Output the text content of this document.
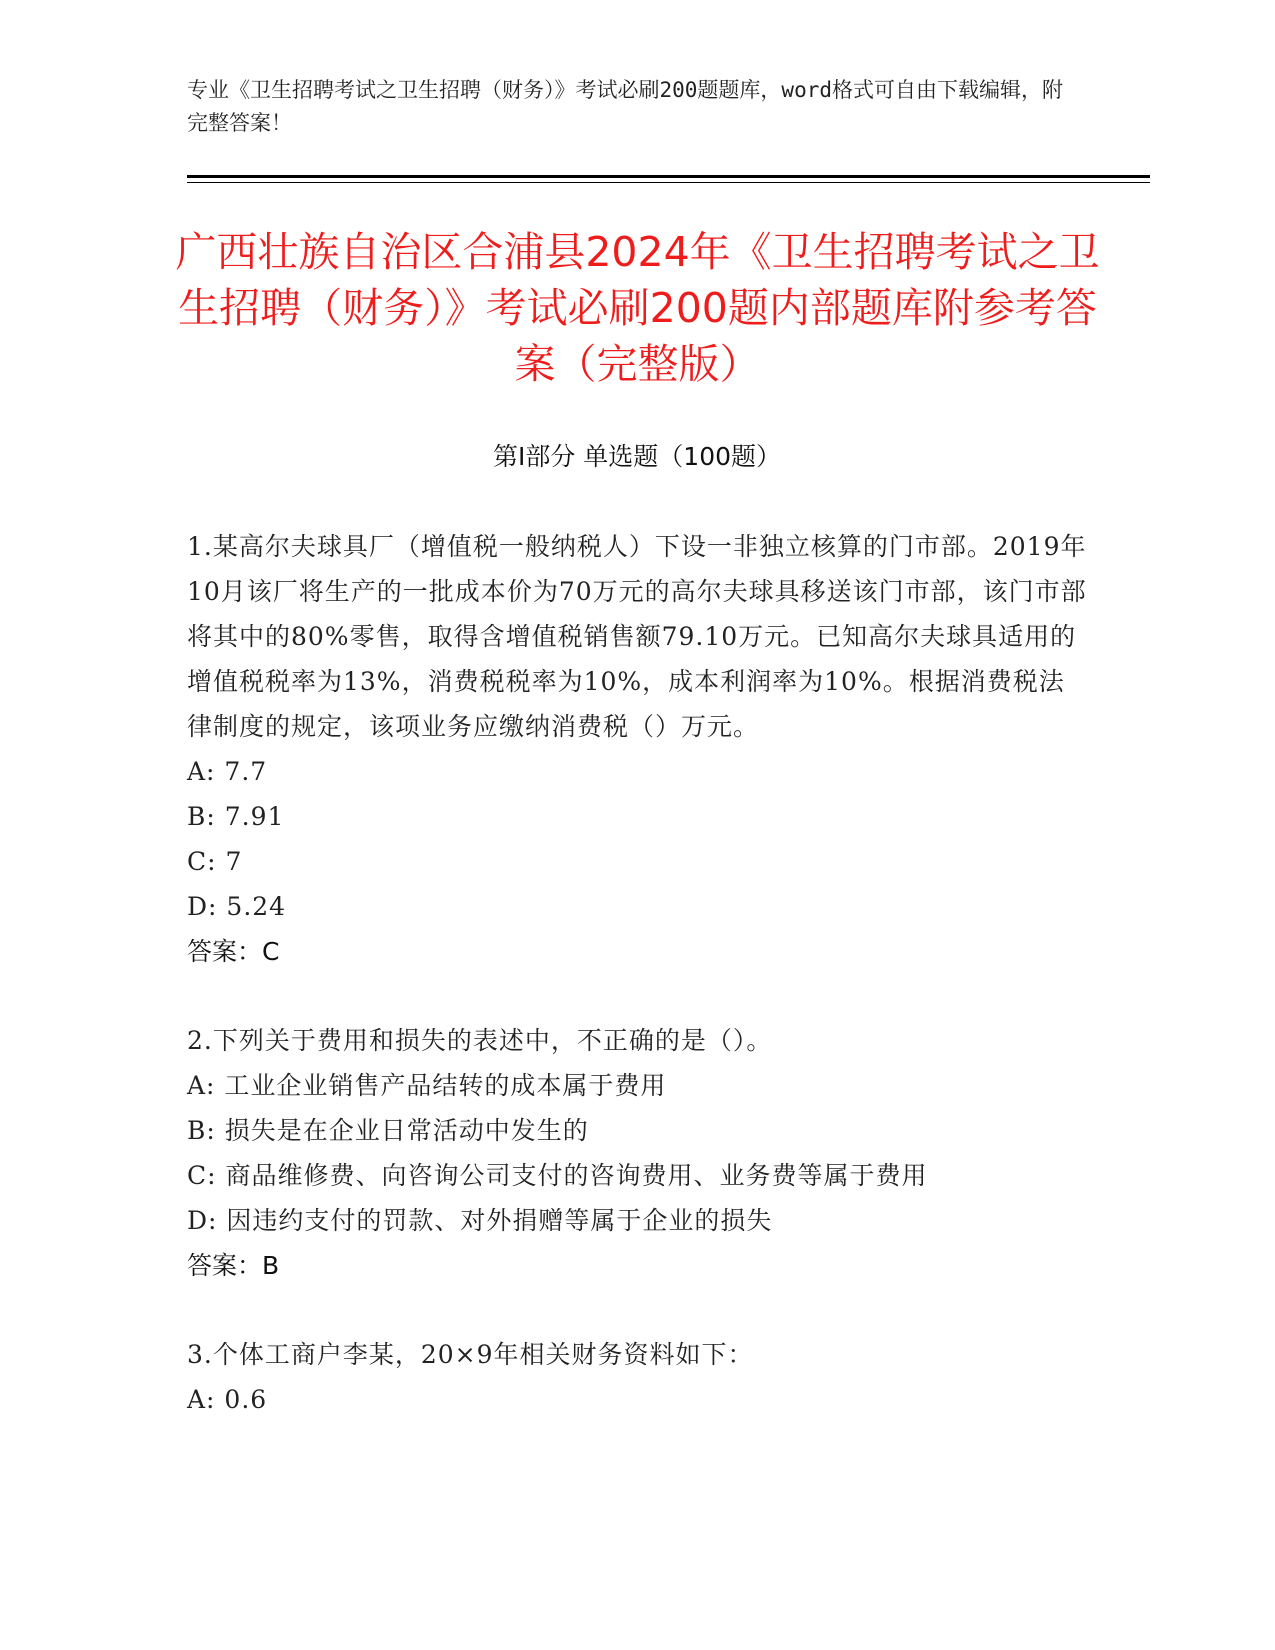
专业《卫生招聘考试之卫生招聘（财务）》考试必刷200题题库，word格式可自由下载编辑，附完整答案！
广西壮族自治区合浦县2024年《卫生招聘考试之卫生招聘（财务）》考试必刷200题内部题库附参考答案（完整版）
第Ⅰ部分 单选题（100题）
1.某高尔夫球具厂（增值税一般纳税人）下设一非独立核算的门市部。2019年10月该厂将生产的一批成本价为70万元的高尔夫球具移送该门市部，该门市部将其中的80%零售，取得含增值税销售额79.10万元。已知高尔夫球具适用的增值税税率为13%，消费税税率为10%，成本利润率为10%。根据消费税法律制度的规定，该项业务应缴纳消费税（）万元。
A: 7.7
B: 7.91
C: 7
D: 5.24
答案：C
2.下列关于费用和损失的表述中，不正确的是（）。
A: 工业企业销售产品结转的成本属于费用
B: 损失是在企业日常活动中发生的
C: 商品维修费、向咨询公司支付的咨询费用、业务费等属于费用
D: 因违约支付的罚款、对外捐赠等属于企业的损失
答案：B
3.个体工商户李某，20×9年相关财务资料如下：
A: 0.6
